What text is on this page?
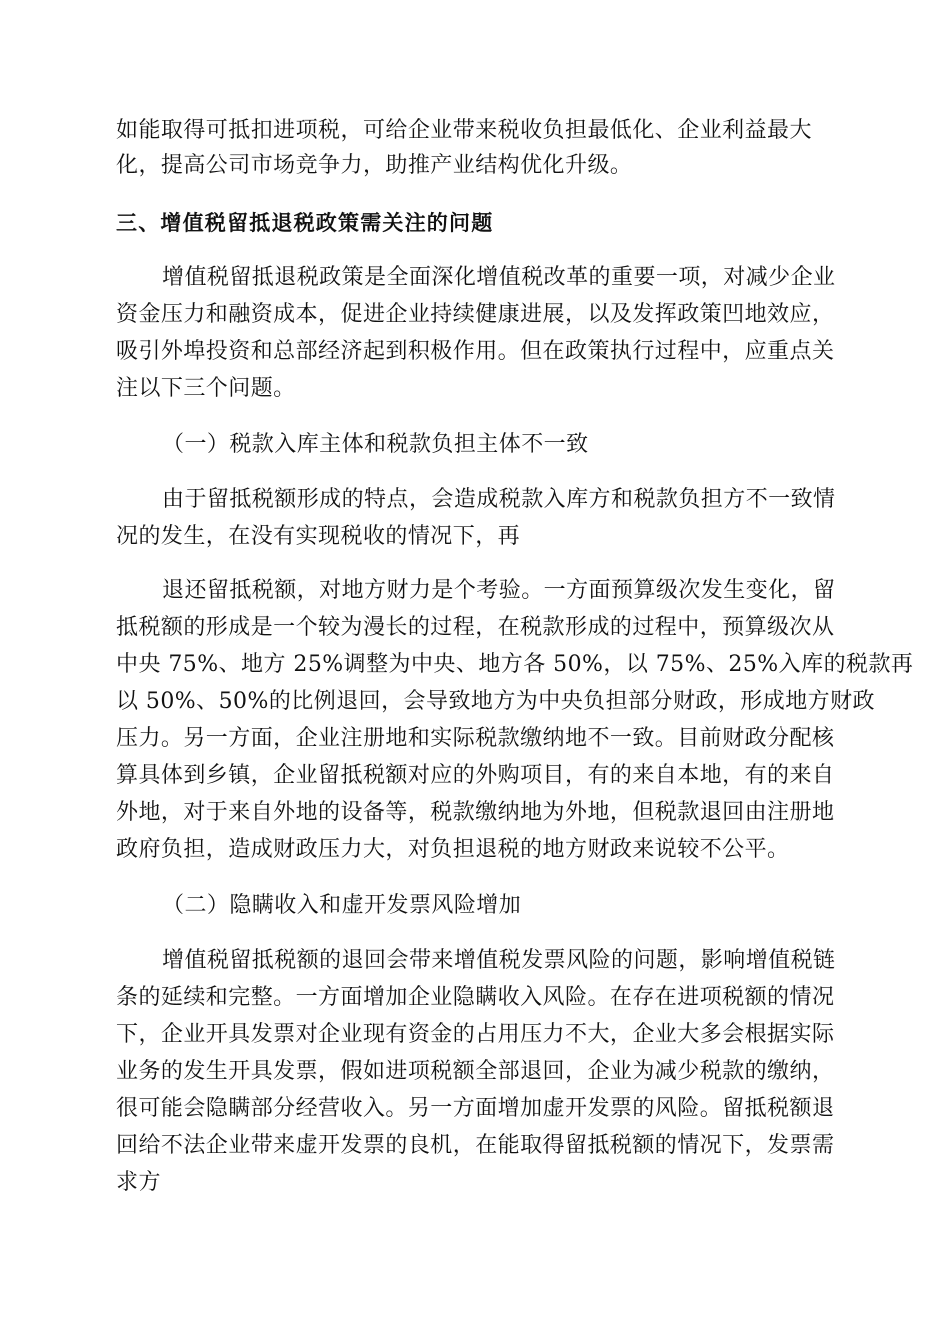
如能取得可抵扣进项税，可给企业带来税收负担最低化、企业利益最大

化，提高公司市场竞争力，助推产业结构优化升级。

三、增值税留抵退税政策需关注的问题

增值税留抵退税政策是全面深化增值税改革的重要一项，对减少企业

资金压力和融资成本，促进企业持续健康进展，以及发挥政策凹地效应，

吸引外埠投资和总部经济起到积极作用。但在政策执行过程中，应重点关

注以下三个问题。

（一）税款入库主体和税款负担主体不一致

由于留抵税额形成的特点，会造成税款入库方和税款负担方不一致情

况的发生，在没有实现税收的情况下，再

退还留抵税额，对地方财力是个考验。一方面预算级次发生变化，留

抵税额的形成是一个较为漫长的过程，在税款形成的过程中，预算级次从

中央 75%、地方 25%调整为中央、地方各 50%，以 75%、25%入库的税款再

以 50%、50%的比例退回，会导致地方为中央负担部分财政，形成地方财政

压力。另一方面，企业注册地和实际税款缴纳地不一致。目前财政分配核

算具体到乡镇，企业留抵税额对应的外购项目，有的来自本地，有的来自

外地，对于来自外地的设备等，税款缴纳地为外地，但税款退回由注册地

政府负担，造成财政压力大，对负担退税的地方财政来说较不公平。

（二）隐瞒收入和虚开发票风险增加

增值税留抵税额的退回会带来增值税发票风险的问题，影响增值税链

条的延续和完整。一方面增加企业隐瞒收入风险。在存在进项税额的情况

下，企业开具发票对企业现有资金的占用压力不大，企业大多会根据实际

业务的发生开具发票，假如进项税额全部退回，企业为减少税款的缴纳，

很可能会隐瞒部分经营收入。另一方面增加虚开发票的风险。留抵税额退

回给不法企业带来虚开发票的良机，在能取得留抵税额的情况下，发票需

求方
